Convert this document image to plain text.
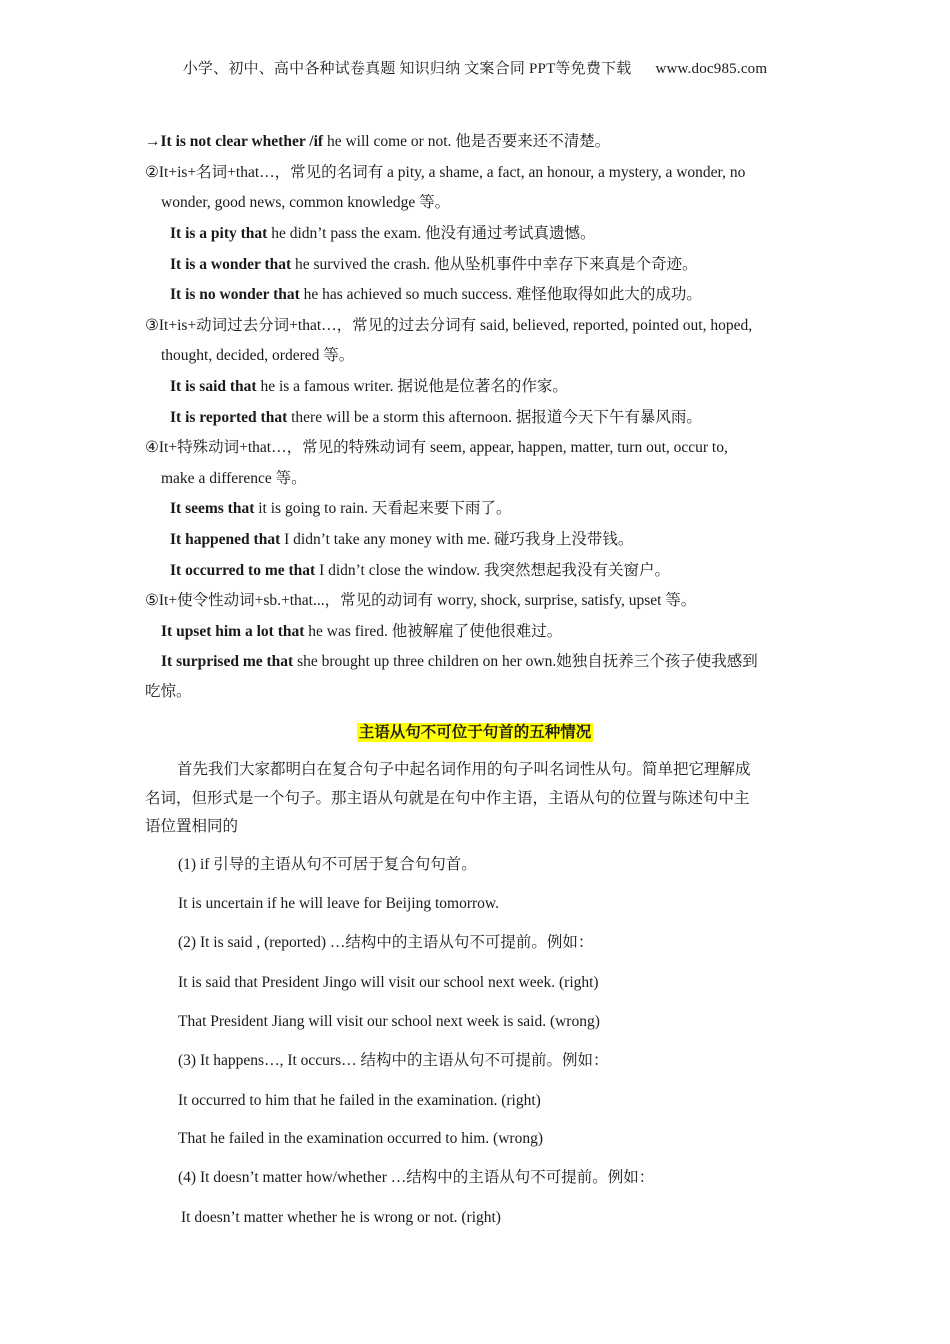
小学、初中、高中各种试卷真题 知识归纳 文案合同 PPT等免费下载 www.doc985.com
→It is not clear whether /if he will come or not. 他是否要来还不清楚。
②It+is+名词+that…，常见的名词有 a pity, a shame, a fact, an honour, a mystery, a wonder, no
wonder, good news, common knowledge 等。
It is a pity that he didn’t pass the exam. 他没有通过考试真遗憾。
It is a wonder that he survived the crash. 他从坠机事件中幸存下来真是个奇迹。
It is no wonder that he has achieved so much success. 难怪他取得如此大的成功。
③It+is+动词过去分词+that…，常见的过去分词有 said, believed, reported, pointed out, hoped,
thought, decided, ordered 等。
It is said that he is a famous writer. 据说他是位著名的作家。
It is reported that there will be a storm this afternoon. 据报道今天下午有暴风雨。
④It+特殊动词+that…，常见的特殊动词有 seem, appear, happen, matter, turn out, occur to,
make a difference 等。
It seems that it is going to rain. 天看起来要下雨了。
It happened that I didn’t take any money with me. 碰巧我身上没带钱。
It occurred to me that I didn’t close the window. 我突然想起我没有关窗户。
⑤It+使令性动词+sb.+that...，常见的动词有 worry, shock, surprise, satisfy, upset 等。
It upset him a lot that he was fired. 他被解雇了使他很难过。
It surprised me that she brought up three children on her own.她独自抚养三个孩子使我感到
吃惊。
主语从句不可位于句首的五种情况
首先我们大家都明白在复合句子中起名词作用的句子叫名词性从句。简单把它理解成
名词，但形式是一个句子。那主语从句就是在句中作主语，主语从句的位置与陈述句中主
语位置相同的
(1) if 引导的主语从句不可居于复合句句首。
It is uncertain if he will leave for Beijing tomorrow.
(2) It is said , (reported) …结构中的主语从句不可提前。例如：
It is said that President Jingo will visit our school next week. (right)
That President Jiang will visit our school next week is said. (wrong)
(3) It happens…, It occurs… 结构中的主语从句不可提前。例如：
It occurred to him that he failed in the examination. (right)
That he failed in the examination occurred to him. (wrong)
(4) It doesn’t matter how/whether …结构中的主语从句不可提前。例如：
It doesn’t matter whether he is wrong or not. (right)
